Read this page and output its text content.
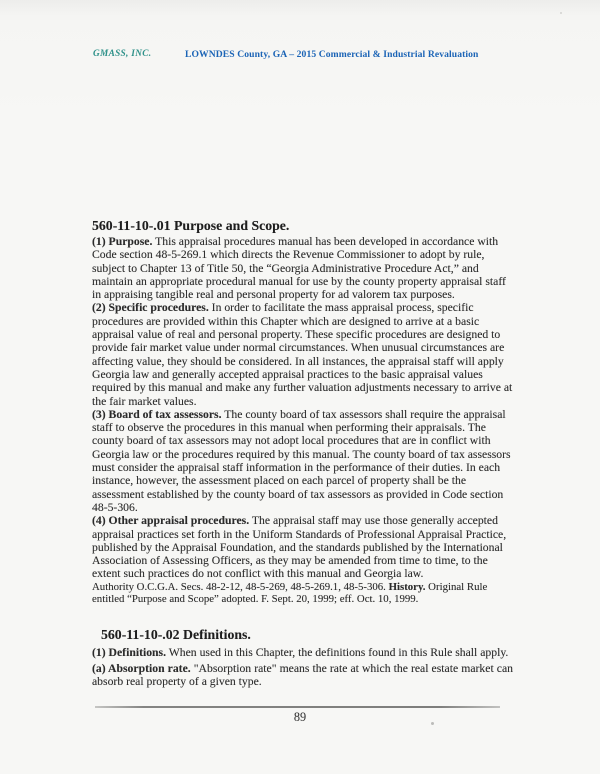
GMASS, INC.	LOWNDES County, GA – 2015 Commercial & Industrial Revaluation
560-11-10-.01 Purpose and Scope.

(1) Purpose. This appraisal procedures manual has been developed in accordance with Code section 48-5-269.1 which directs the Revenue Commissioner to adopt by rule, subject to Chapter 13 of Title 50, the “Georgia Administrative Procedure Act,” and maintain an appropriate procedural manual for use by the county property appraisal staff in appraising tangible real and personal property for ad valorem tax purposes.

(2) Specific procedures. In order to facilitate the mass appraisal process, specific procedures are provided within this Chapter which are designed to arrive at a basic appraisal value of real and personal property. These specific procedures are designed to provide fair market value under normal circumstances. When unusual circumstances are affecting value, they should be considered. In all instances, the appraisal staff will apply Georgia law and generally accepted appraisal practices to the basic appraisal values required by this manual and make any further valuation adjustments necessary to arrive at the fair market values.

(3) Board of tax assessors. The county board of tax assessors shall require the appraisal staff to observe the procedures in this manual when performing their appraisals. The county board of tax assessors may not adopt local procedures that are in conflict with Georgia law or the procedures required by this manual. The county board of tax assessors must consider the appraisal staff information in the performance of their duties. In each instance, however, the assessment placed on each parcel of property shall be the assessment established by the county board of tax assessors as provided in Code section 48-5-306.

(4) Other appraisal procedures. The appraisal staff may use those generally accepted appraisal practices set forth in the Uniform Standards of Professional Appraisal Practice, published by the Appraisal Foundation, and the standards published by the International Association of Assessing Officers, as they may be amended from time to time, to the extent such practices do not conflict with this manual and Georgia law.

Authority O.C.G.A. Secs. 48-2-12, 48-5-269, 48-5-269.1, 48-5-306. History. Original Rule entitled “Purpose and Scope” adopted. F. Sept. 20, 1999; eff. Oct. 10, 1999.

560-11-10-.02 Definitions.

(1) Definitions. When used in this Chapter, the definitions found in this Rule shall apply.

(a) Absorption rate. "Absorption rate" means the rate at which the real estate market can absorb real property of a given type.

89
